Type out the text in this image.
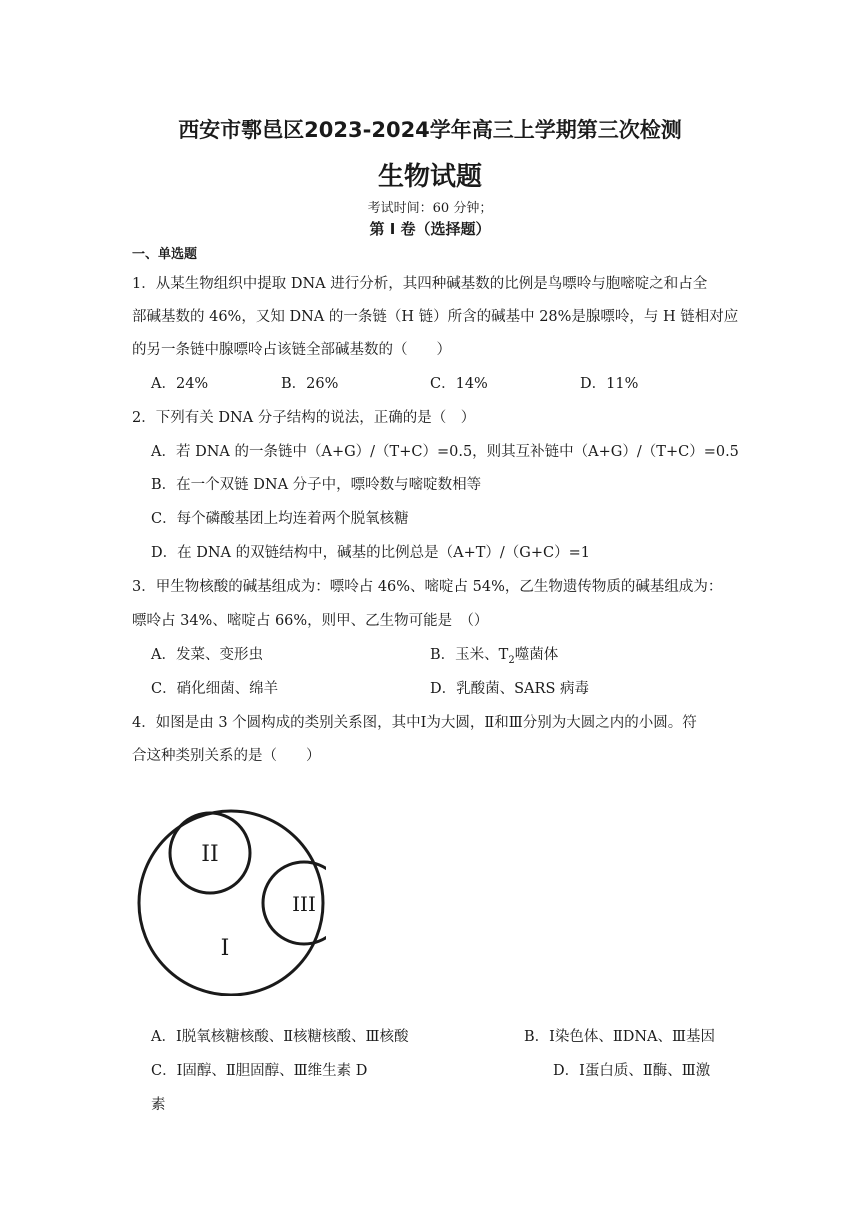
西安市鄠邑区2023-2024学年高三上学期第三次检测
生物试题
考试时间：60 分钟；
第 I 卷（选择题）
一、单选题
1．从某生物组织中提取 DNA 进行分析，其四种碱基数的比例是鸟嘌呤与胞嘧啶之和占全
部碱基数的 46%，又知 DNA 的一条链（H 链）所含的碱基中 28%是腺嘌呤，与 H 链相对应
的另一条链中腺嘌呤占该链全部碱基数的（　　）
A．24%	B．26%	C．14%	D．11%
2．下列有关 DNA 分子结构的说法，正确的是（　）
A．若 DNA 的一条链中（A+G）/（T+C）=0.5，则其互补链中（A+G）/（T+C）=0.5
B．在一个双链 DNA 分子中，嘌呤数与嘧啶数相等
C．每个磷酸基团上均连着两个脱氧核糖
D．在 DNA 的双链结构中，碱基的比例总是（A+T）/（G+C）=1
3．甲生物核酸的碱基组成为：嘌呤占 46%、嘧啶占 54%，乙生物遗传物质的碱基组成为：
嘌呤占 34%、嘧啶占 66%，则甲、乙生物可能是　（）
A．发菜、变形虫	B．玉米、$T_2$噬菌体
C．硝化细菌、绵羊	D．乳酸菌、SARS 病毒
4．如图是由 3 个圆构成的类别关系图，其中Ⅰ为大圆，Ⅱ和Ⅲ分别为大圆之内的小圆。符
合这种类别关系的是（　　）
II
III
I
A．Ⅰ脱氧核糖核酸、Ⅱ核糖核酸、Ⅲ核酸	B．Ⅰ染色体、ⅡDNA、Ⅲ基因
C．Ⅰ固醇、Ⅱ胆固醇、Ⅲ维生素 D	D．Ⅰ蛋白质、Ⅱ酶、Ⅲ激
素
